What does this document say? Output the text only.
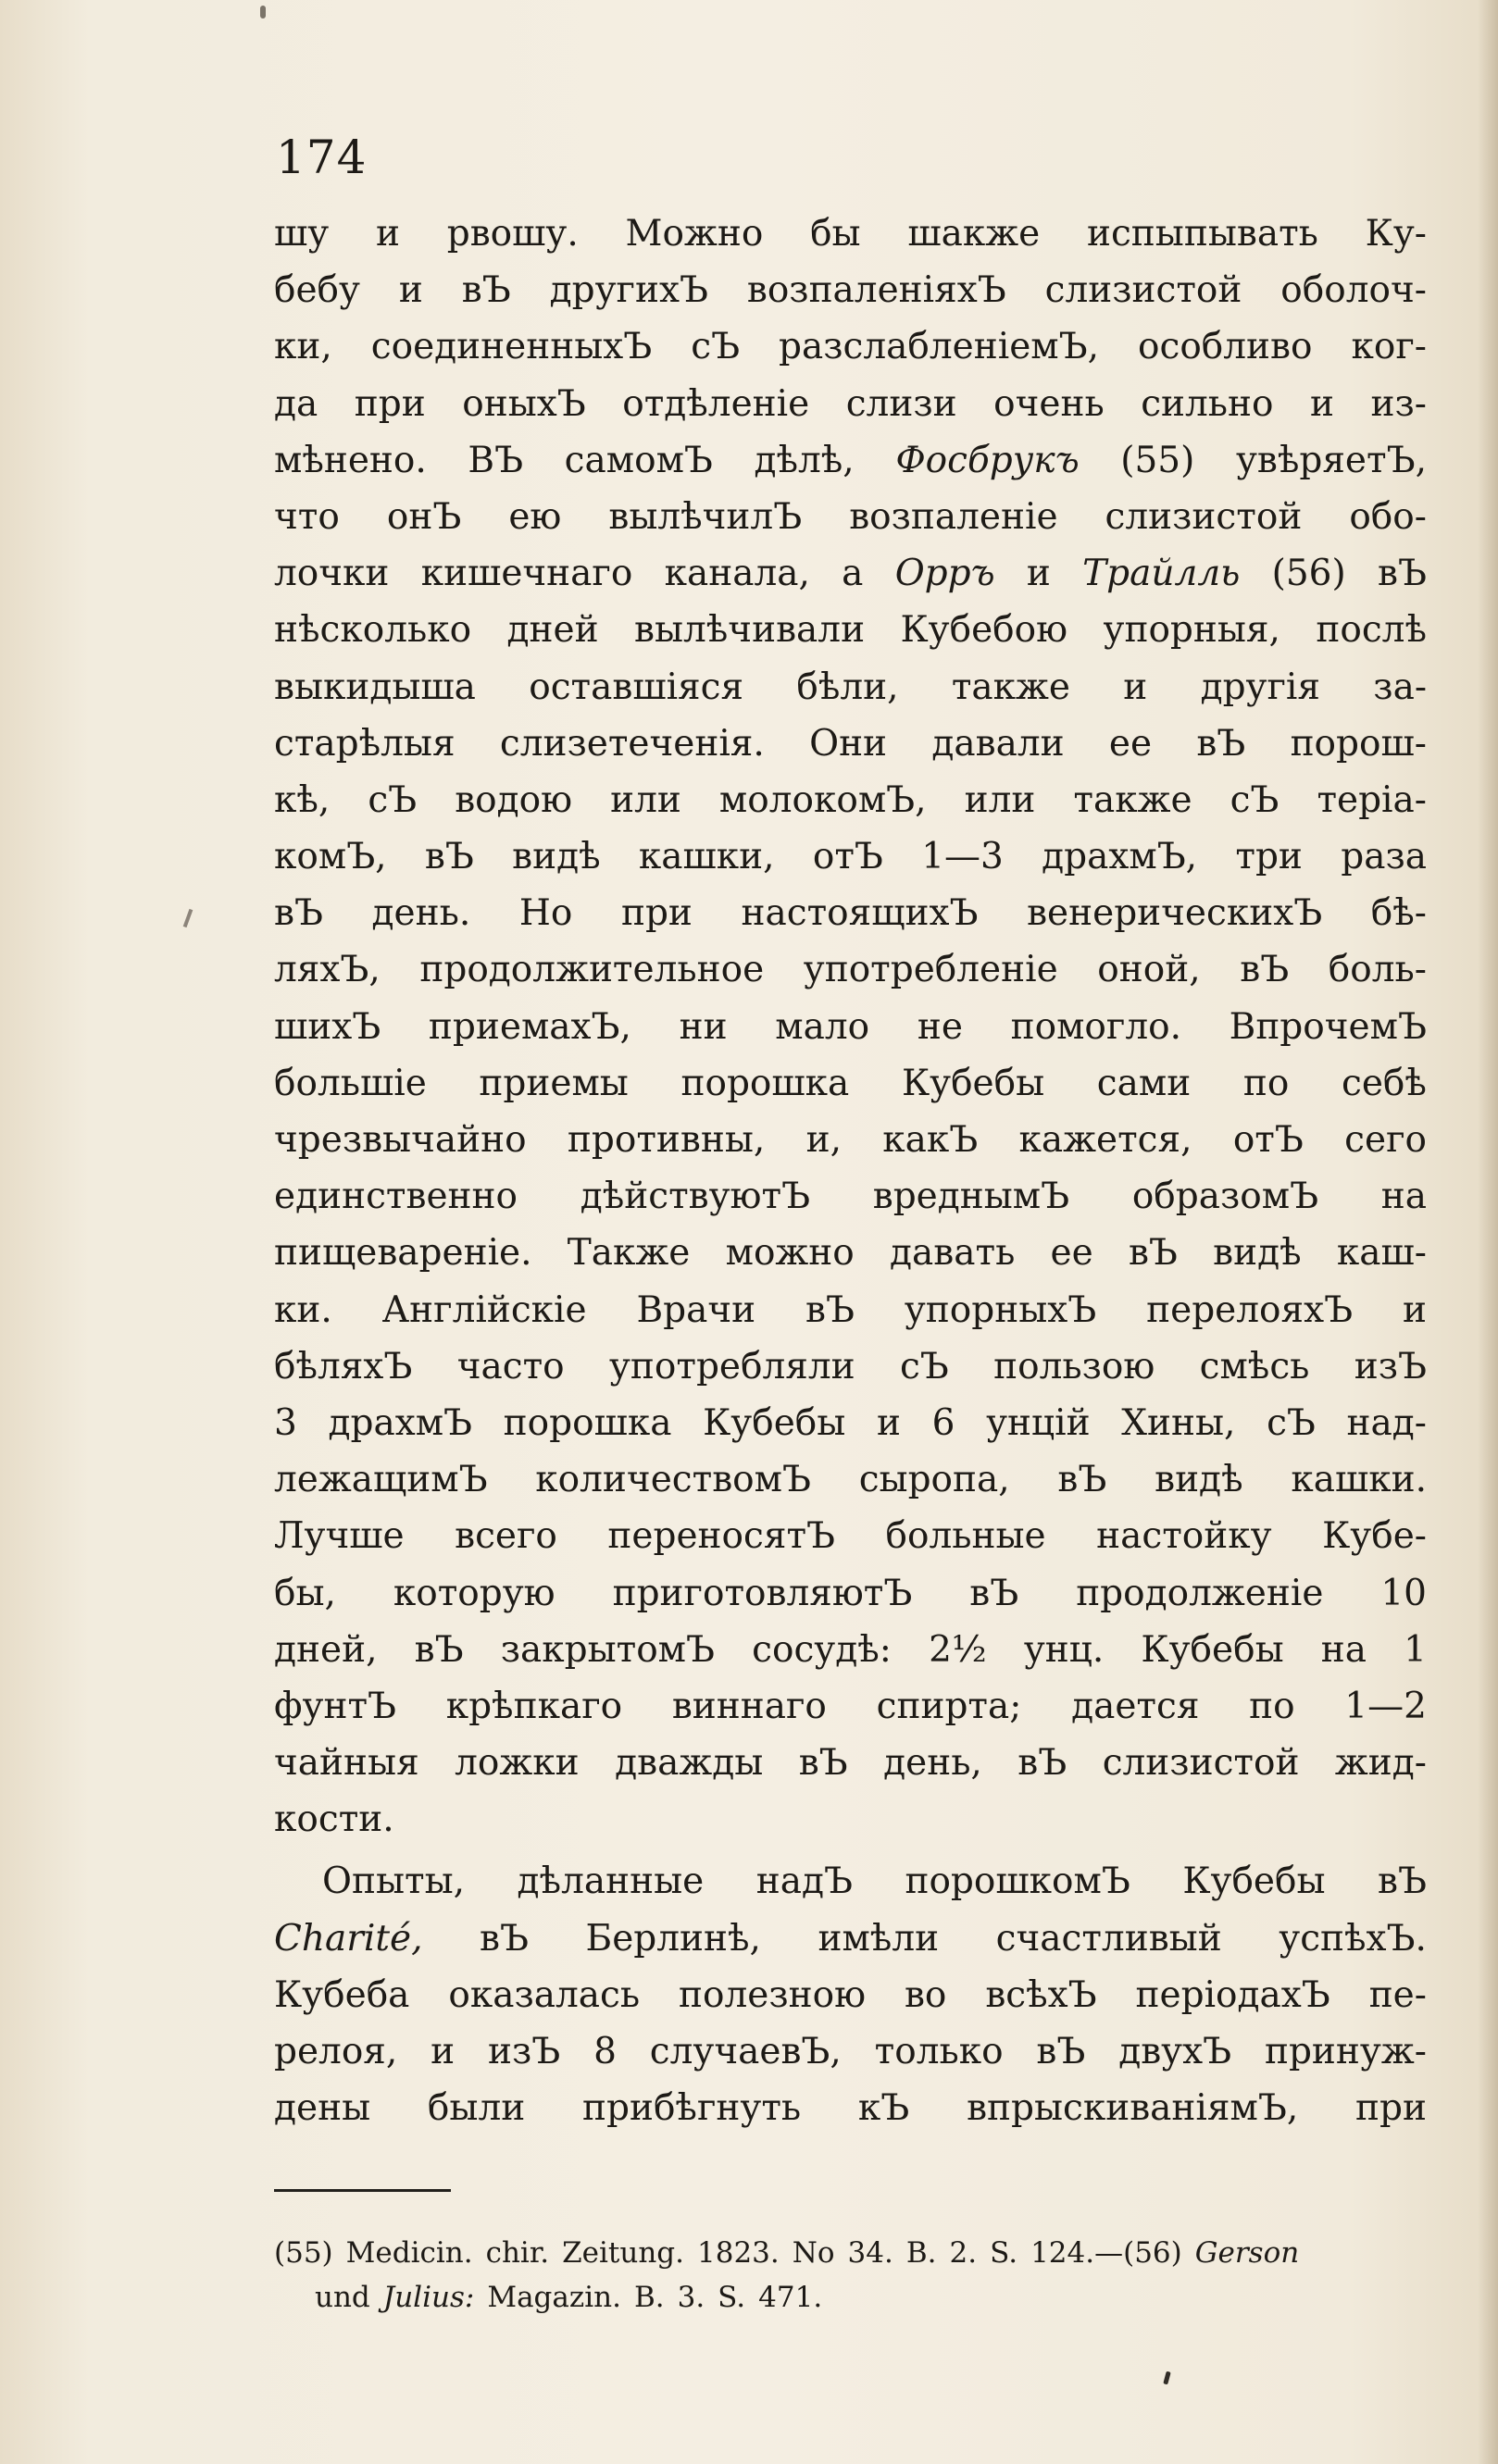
174
шу и рвошу. Можно бы шакже испыпывать Ку-
бебу и вЪ другихЪ возпаленіяхЪ слизистой оболоч-
ки, соединенныхЪ сЪ разслабленіемЪ, особливо ког-
да при оныхЪ отдѣленіе слизи очень сильно и из-
мѣнено. ВЪ самомЪ дѣлѣ, Фосбрукъ (55) увѣряетЪ,
что онЪ ею вылѣчилЪ возпаленіе слизистой обо-
лочки кишечнаго канала, а Орръ и Трайлль (56) вЪ
нѣсколько дней вылѣчивали Кубебою упорныя, послѣ
выкидыша оставшіяся бѣли, также и другія за-
старѣлыя слизетеченія. Они давали ее вЪ порош-
кѣ, сЪ водою или молокомЪ, или также сЪ теріа-
комЪ, вЪ видѣ кашки, отЪ 1—3 драхмЪ, три раза
вЪ день. Но при настоящихЪ венерическихЪ бѣ-
ляхЪ, продолжительное употребленіе оной, вЪ боль-
шихЪ приемахЪ, ни мало не помогло. ВпрочемЪ
большіе приемы порошка Кубебы сами по себѣ
чрезвычайно противны, и, какЪ кажется, отЪ сего
единственно дѣйствуютЪ вреднымЪ образомЪ на
пищевареніе. Также можно давать ее вЪ видѣ каш-
ки. Англійскіе Врачи вЪ упорныхЪ перелояхЪ и
бѣляхЪ часто употребляли сЪ пользою смѣсь изЪ
3 драхмЪ порошка Кубебы и 6 унцій Хины, сЪ над-
лежащимЪ количествомЪ сыропа, вЪ видѣ кашки.
Лучше всего переносятЪ больные настойку Кубе-
бы, которую приготовляютЪ вЪ продолженіе 10
дней, вЪ закрытомЪ сосудѣ: 2½ унц. Кубебы на 1
фунтЪ крѣпкаго виннаго спирта; дается по 1—2
чайныя ложки дважды вЪ день, вЪ слизистой жид-
кости.
Опыты, дѣланные надЪ порошкомЪ Кубебы вЪ
Charité, вЪ Берлинѣ, имѣли счастливый успѣхЪ.
Кубеба оказалась полезною во всѣхЪ періодахЪ пе-
релоя, и изЪ 8 случаевЪ, только вЪ двухЪ принуж-
дены были прибѣгнуть кЪ впрыскиваніямЪ, при
(55) Medicin. chir. Zeitung. 1823. No 34. B. 2. S. 124.—(56) Gerson
und Julius: Magazin. B. 3. S. 471.
